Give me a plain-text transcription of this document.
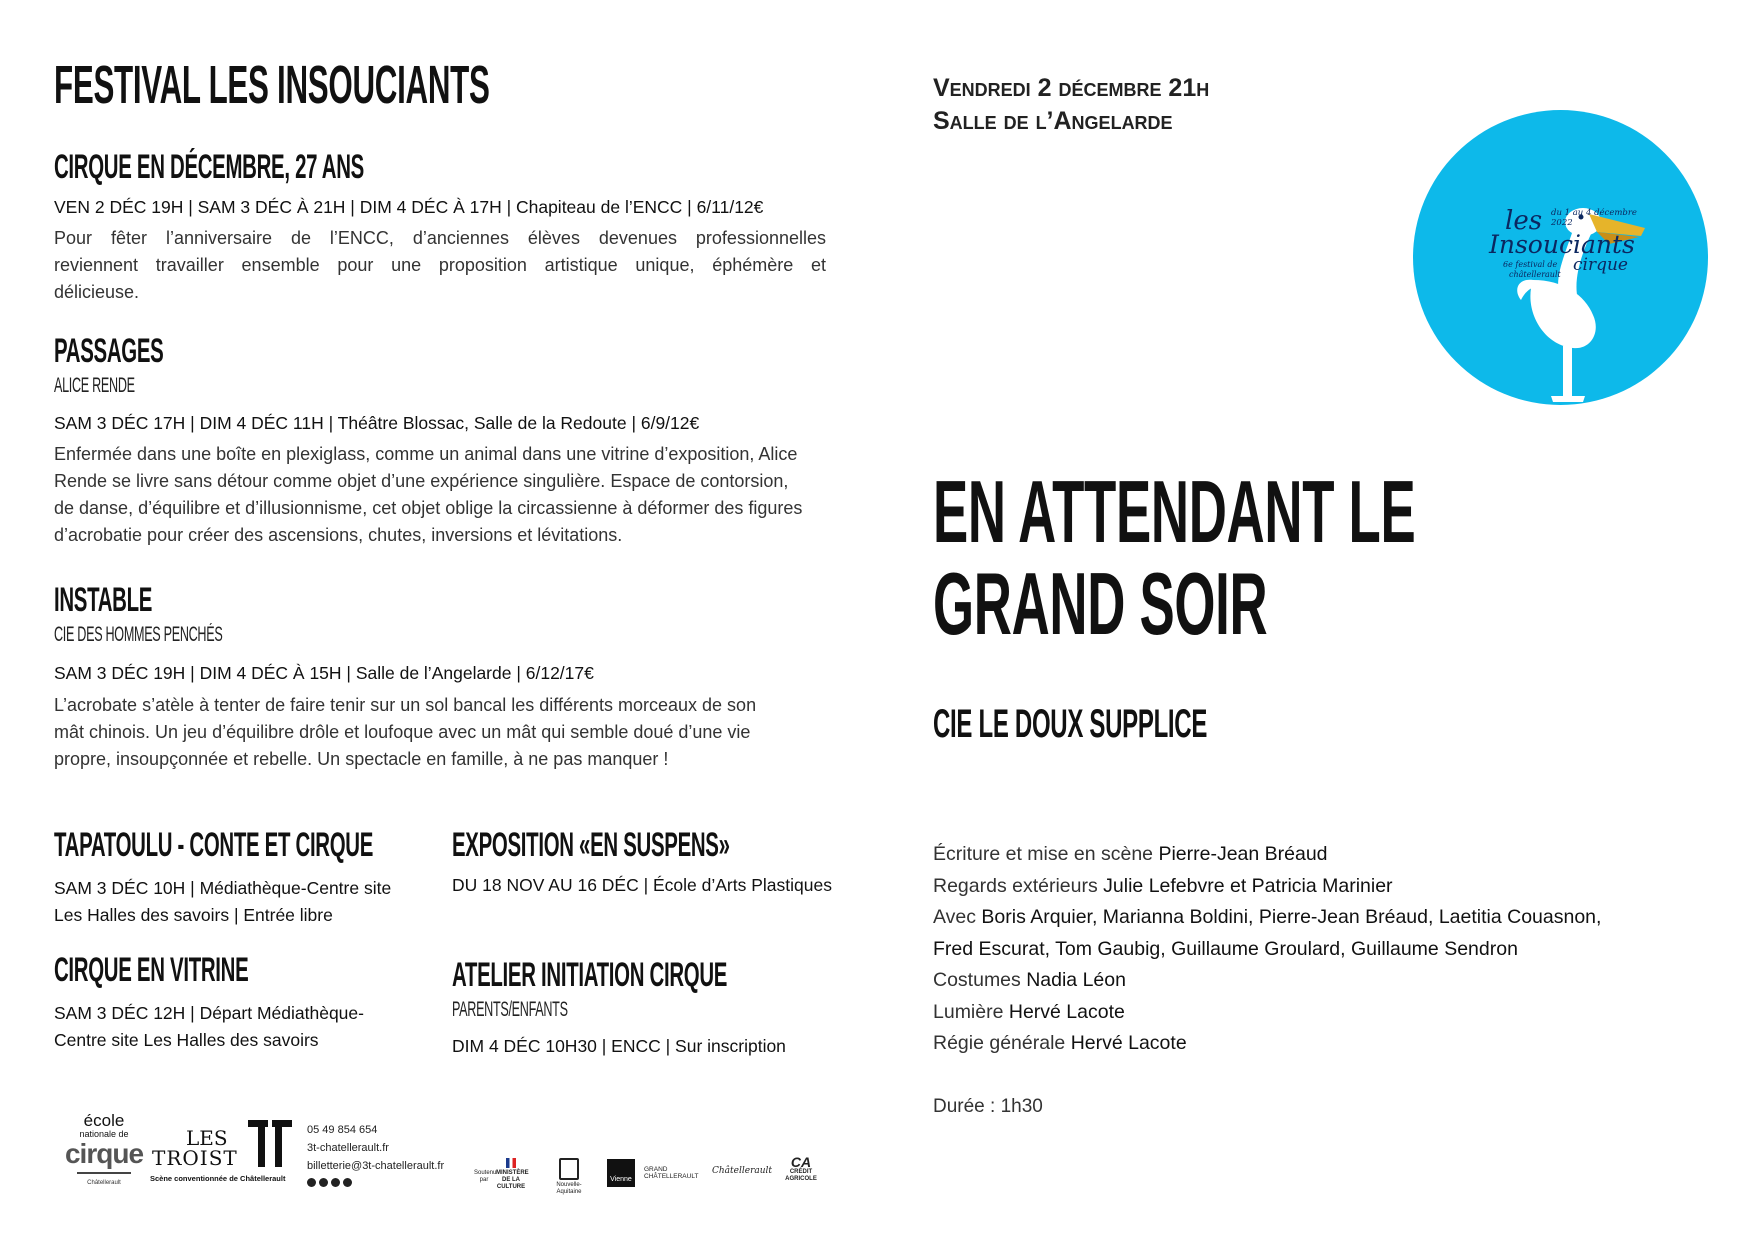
FESTIVAL LES INSOUCIANTS
CIRQUE EN DÉCEMBRE, 27 ANS
VEN 2 DÉC 19H | SAM 3 DÉC À 21H | DIM 4 DÉC À 17H | Chapiteau de l’ENCC | 6/11/12€
Pour fêter l’anniversaire de l’ENCC, d’anciennes élèves devenues professionnelles
reviennent travailler ensemble pour une proposition artistique unique, éphémère et
délicieuse.
PASSAGES
ALICE RENDE
SAM 3 DÉC 17H | DIM 4 DÉC 11H | Théâtre Blossac, Salle de la Redoute | 6/9/12€
Enfermée dans une boîte en plexiglass, comme un animal dans une vitrine d’exposition, Alice
Rende se livre sans détour comme objet d’une expérience singulière. Espace de contorsion,
de danse, d’équilibre et d’illusionnisme, cet objet oblige la circassienne à déformer des figures
d’acrobatie pour créer des ascensions, chutes, inversions et lévitations.
INSTABLE
CIE DES HOMMES PENCHÉS
SAM 3 DÉC 19H | DIM 4 DÉC À 15H | Salle de l’Angelarde | 6/12/17€
L’acrobate s’atèle à tenter de faire tenir sur un sol bancal les différents morceaux de son
mât chinois. Un jeu d’équilibre drôle et loufoque avec un mât qui semble doué d’une vie
propre, insoupçonnée et rebelle. Un spectacle en famille, à ne pas manquer !
TAPATOULU - CONTE ET CIRQUE
SAM 3 DÉC 10H | Médiathèque-Centre site
Les Halles des savoirs | Entrée libre
EXPOSITION «EN SUSPENS»
DU 18 NOV AU 16 DÉC | École d’Arts Plastiques
CIRQUE EN VITRINE
SAM 3 DÉC 12H | Départ Médiathèque-
Centre site Les Halles des savoirs
ATELIER INITIATION CIRQUE
PARENTS/ENFANTS
DIM 4 DÉC 10H30 | ENCC | Sur inscription
école
nationale de
cirque
Châtellerault
LES
TROIST
Scène conventionnée de Châtellerault
05 49 854 654
3t-chatellerault.fr
billetterie@3t-chatellerault.fr
Soutenu par
MINISTÈRE DE LA CULTURE	Nouvelle-Aquitaine
Vienne
GRAND CHÂTELLERAULT
Châtellerault
CA
CRÉDIT AGRICOLE
Vendredi 2 décembre 21h
Salle de l’Angelarde
les
Insouciants
cirque
du 1 au 4 décembre 2022
6e festival de
châtellerault
EN ATTENDANT LE GRAND SOIR
CIE LE DOUX SUPPLICE
Écriture et mise en scène Pierre-Jean Bréaud
Regards extérieurs Julie Lefebvre et Patricia Marinier
Avec Boris Arquier, Marianna Boldini, Pierre-Jean Bréaud, Laetitia Couasnon,
Fred Escurat, Tom Gaubig, Guillaume Groulard, Guillaume Sendron
Costumes Nadia Léon
Lumière Hervé Lacote
Régie générale Hervé Lacote
Durée : 1h30
